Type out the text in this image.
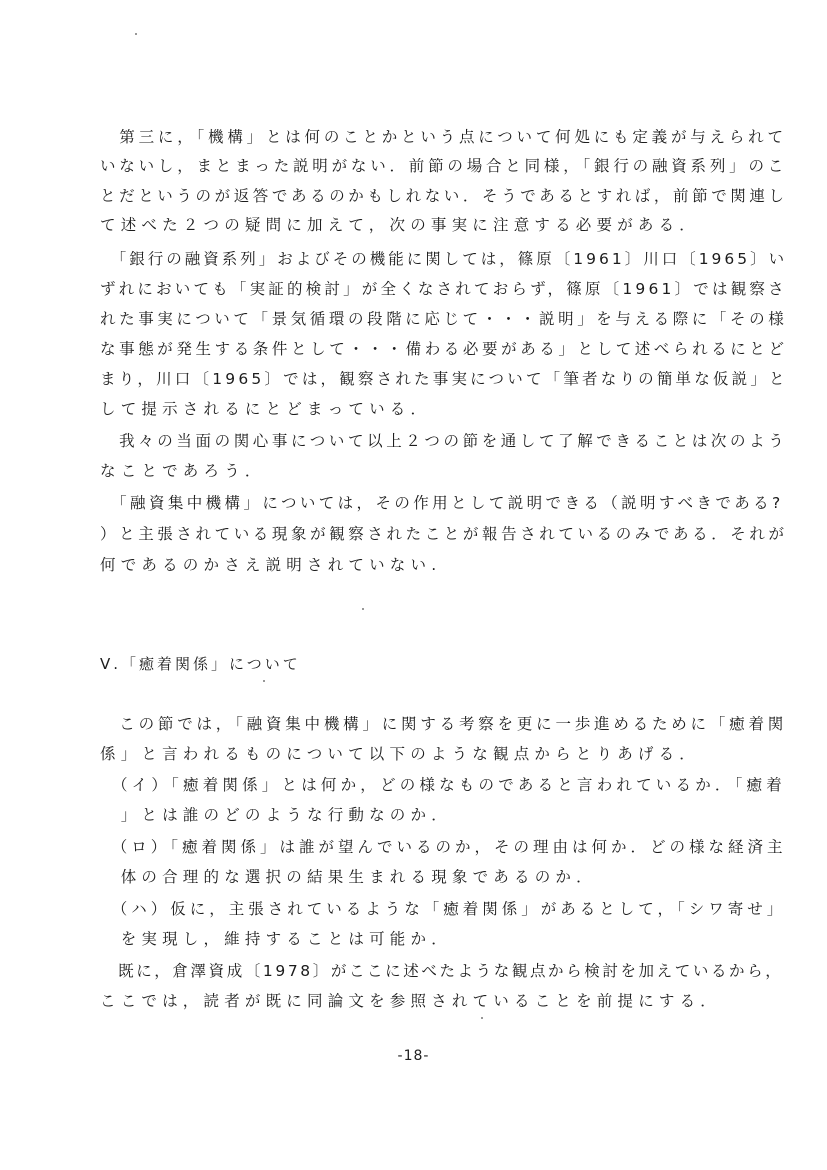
　第三に，「機構」とは何のことかという点について何処にも定義が与えられて
いないし，まとまった説明がない．前節の場合と同様，「銀行の融資系列」のこ
とだというのが返答であるのかもしれない．そうであるとすれば，前節で関連し
て述べた２つの疑問に加えて，次の事実に注意する必要がある．
　「銀行の融資系列」およびその機能に関しては，篠原〔1961〕川口〔1965〕い
ずれにおいても「実証的検討」が全くなされておらず，篠原〔1961〕では観察さ
れた事実について「景気循環の段階に応じて・・・説明」を与える際に「その様
な事態が発生する条件として・・・備わる必要がある」として述べられるにとど
まり，川口〔1965〕では，観察された事実について「筆者なりの簡単な仮説」と
して提示されるにとどまっている．
　我々の当面の関心事について以上２つの節を通して了解できることは次のよう
なことであろう．
　「融資集中機構」については，その作用として説明できる（説明すべきである?
）と主張されている現象が観察されたことが報告されているのみである．それが
何であるのかさえ説明されていない.
Ⅴ.「癒着関係」について
　この節では，「融資集中機構」に関する考察を更に一歩進めるために「癒着関
係」と言われるものについて以下のような観点からとりあげる．
　（イ）「癒着関係」とは何か，どの様なものであると言われているか．「癒着
　」とは誰のどのような行動なのか．
　（ロ）「癒着関係」は誰が望んでいるのか，その理由は何か．どの様な経済主
　体の合理的な選択の結果生まれる現象であるのか．
　（ハ）仮に，主張されているような「癒着関係」があるとして，「シワ寄せ」
　を実現し，維持することは可能か．
　既に，倉澤資成〔1978〕がここに述べたような観点から検討を加えているから，
ここでは，読者が既に同論文を参照されていることを前提にする．
-18-
